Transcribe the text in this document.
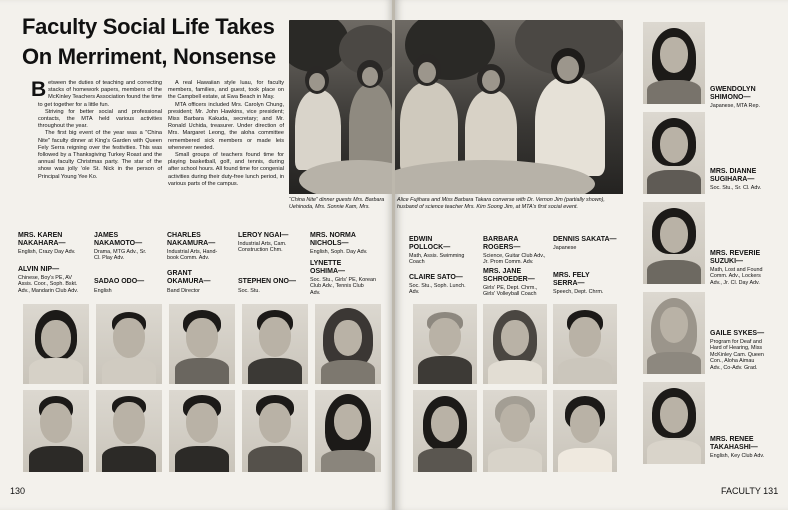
Faculty Social Life Takes
On Merriment, Nonsense

Between the duties of teaching and correcting stacks of homework papers, members of the McKinley Teachers Association found the time to get together for a little fun.

Striving for better social and professional contacts, the MTA held various activities throughout the year.

The first big event of the year was a "China Nite" faculty dinner at King's Garden with Queen Fely Serra reigning over the festivities. This was followed by a Thanksgiving Turkey Roast and the annual faculty Christmas party. The star of the show was jolly 'ole St. Nick in the person of Principal Young Yee Ko.

A real Hawaiian style luau, for faculty members, families, and guest, took place on the Campbell estate, at Ewa Beach in May.

MTA officers included Mrs. Carolyn Chung, president; Mr. John Hawkins, vice president; Miss Barbara Kakuda, secretary; and Mr. Ronald Uchida, treasurer. Under direction of Mrs. Margaret Leong, the aloha committee remembered sick members or made leis whenever needed.

Small groups of teachers found time for playing basketball, golf, and tennis, during after school hours. All found time for congenial activities during their duty-free lunch period, in various parts of the campus.

“China Nite” dinner guests Mrs. Barbara Uehinoda, Mrs. Sonnie Kam, Mrs.
MRS. KAREN
NAKAHARA—
English, Crazy Day Adv.
JAMES
NAKAMOTO—
Drama, MTG Adv., Sr.
Cl. Play Adv.
CHARLES
NAKAMURA—
Industrial Arts, Hand-
book Comm. Adv.
LEROY NGAI—
Industrial Arts, Cam.
Construction Chm.
MRS. NORMA
NICHOLS—
English, Soph. Day Adv.
ALVIN NIP—
Chinese, Boy's PE, AV
Assis. Coor., Soph. Bskt.
Adv., Mandarin Club Adv.
SADAO ODO—
English
GRANT
OKAMURA—
Band Director
STEPHEN ONO—
Soc. Stu.
LYNETTE
OSHIMA—
Soc. Stu., Girls' PE, Korean
Club Adv., Tennis Club
Adv.
130
Alice Fujihara and Miss Barbara Takara converse with Dr. Vernon Jim (partially shown), husband of science teacher Mrs. Kim Soong Jim, at MTA's first social event.
EDWIN
POLLOCK—
Math, Assis. Swimming
Coach
BARBARA
ROGERS—
Science, Guitar Club Adv.,
Jr. Prom Comm. Adv.
DENNIS SAKATA—
Japanese
CLAIRE SATO—
Soc. Stu., Soph. Lunch.
Adv.
MRS. JANE
SCHROEDER—
Girls' PE, Dept. Chrm.,
Girls' Volleyball Coach
MRS. FELY
SERRA—
Speech, Dept. Chrm.
GWENDOLYN
SHIMONO—
Japanese, MTA Rep.
MRS. DIANNE
SUGIHARA—
Soc. Stu., Sr. Cl. Adv.
MRS. REVERIE
SUZUKI—
Math, Lost and Found
Comm. Adv., Lockers
Adv., Jr. Cl. Day Adv.
GAILE SYKES—
Program for Deaf and
Hard of Hearing, Miss
McKinley Cam. Queen
Con., Aloha Aimau
Adv., Co-Adv. Grad.
MRS. RENEE
TAKAHASHI—
English, Key Club Adv.
FACULTY 131
